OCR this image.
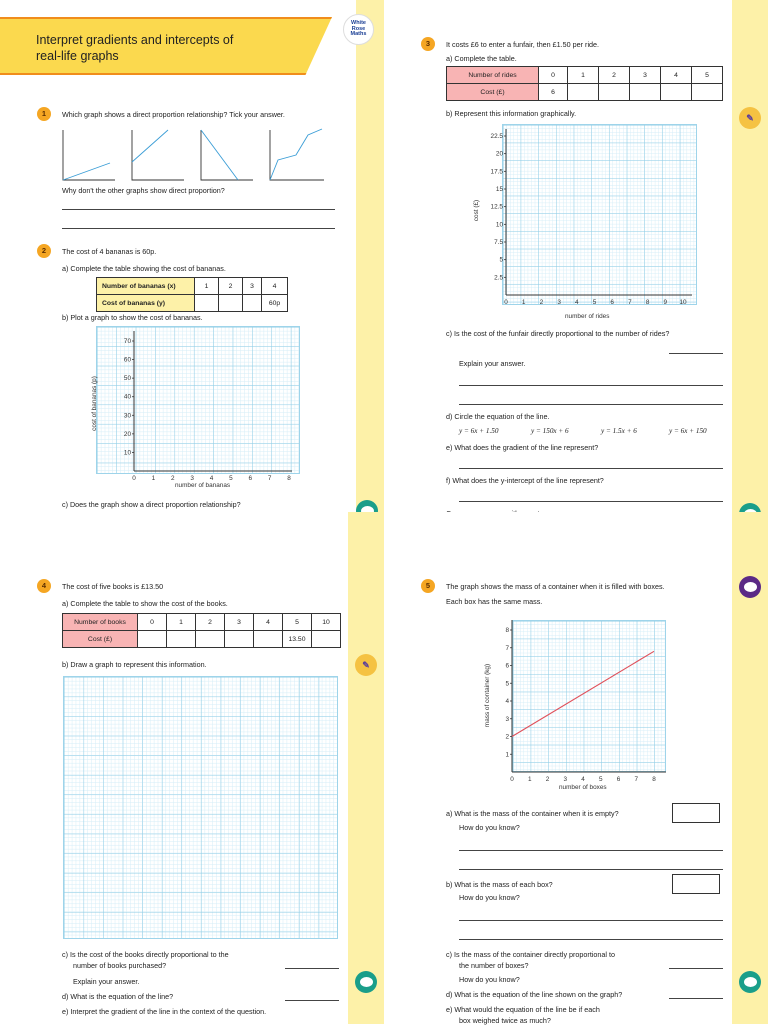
Interpret gradients and intercepts of
real-life graphs
White
Rose
Maths
1	Which graph shows a direct proportion relationship? Tick your answer.
Why don't the other graphs show direct proportion?
2	The cost of 4 bananas is 60p.
a) Complete the table showing the cost of bananas.
Number of bananas (x)	1	2	3	4
Cost of bananas (y)				60p
b) Plot a graph to show the cost of bananas.
0 1 2 3 4 5 6 7 8
10
20
30
40
50
60
70
cost of bananas (p)
number of bananas
c) Does the graph show a direct proportion relationship?
3	It costs £6 to enter a funfair, then £1.50 per ride.
a) Complete the table.
Number of rides	0	1	2	3	4	5
Cost (£)	6					
b) Represent this information graphically.	✎
0 1 2 3 4 5 6 7 8 9 10
2.5
5
7.5
10
12.5
15
17.5
20
22.5
cost (£)
number of rides
c) Is the cost of the funfair directly proportional to the number of rides?
Explain your answer.
d) Circle the equation of the line.
y = 6x + 1.50	y = 150x + 6	y = 1.5x + 6	y = 6x + 150
e) What does the gradient of the line represent?
f) What does the y-intercept of the line represent?
4	The cost of five books is £13.50
a) Complete the table to show the cost of the books.
Number of books	0	1	2	3	4	5	10
Cost (£)						13.50	
b) Draw a graph to represent this information.	✎
c) Is the cost of the books directly proportional to the
number of books purchased?
Explain your answer.
d) What is the equation of the line?
e) Interpret the gradient of the line in the context of the question.
5	The graph shows the mass of a container when it is filled with boxes.
Each box has the same mass.
0 1 2 3 4 5 6 7 8
1
2
3
4
5
6
7
8
mass of container (kg)
number of boxes
a) What is the mass of the container when it is empty?
How do you know?
b) What is the mass of each box?
How do you know?
c) Is the mass of the container directly proportional to
the number of boxes?
How do you know?
d) What is the equation of the line shown on the graph?
e) What would the equation of the line be if each
box weighed twice as much?
